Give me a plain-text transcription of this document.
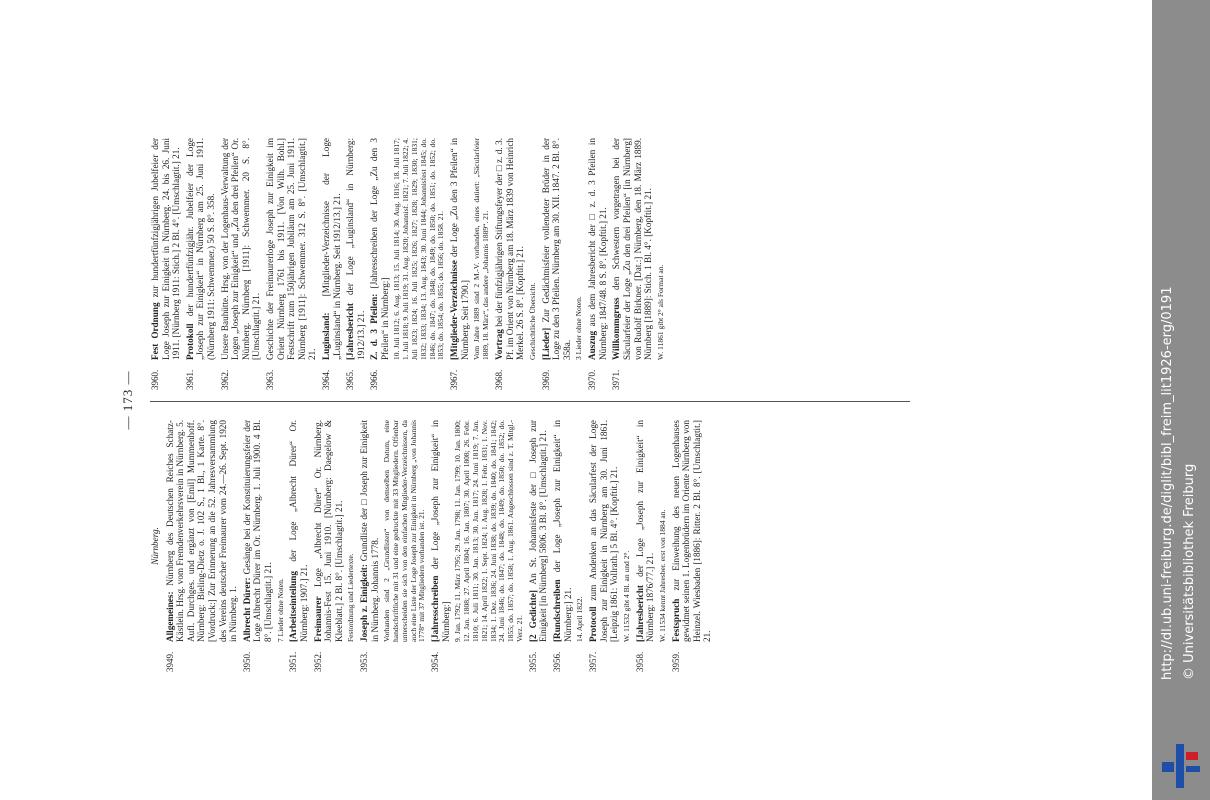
— 173 —
Nürnberg.
3949.
Allgemeines: Nürnberg des Deutschen Reiches Schatz-Kästlein. Hrsg. vom Fremdenverkehrsverein in Nürnberg. 5. Aufl. Durchges. und ergänzt von [Emil] Mummenhoff. Nürnberg: Bieling-Dietz o. J. 102 S., 1 Bl., 1 Karte. 8°. [Vordruck:] Zur Erinnerung an die 52. Jahresversammlung des Vereins deutscher Freimaurer vom 24.—26. Sept. 1920 in Nürnberg. 1.
3950.
Albrecht Dürer: Gesänge bei der Konstituierungsfeier der Loge Albrecht Dürer im Or. Nürnberg. 1. Juli 1900. 4 Bl. 8°. [Umschlagtit.] 21.
7 Lieder ohne Noten.
3951.
[Arbeitseinteilung der Loge „Albrecht Dürer“ Or. Nürnberg: 1907.] 21.
3952.
Freimaurer Loge „Albrecht Dürer“ Or. Nürnberg. Johannis-Fest 15. Juni 1910. [Nürnberg: Daegelow & Kleeblatt.] 2 Bl. 8°. [Umschlagtit.] 21.
Festordnung und Liedertexte.
3953.
Joseph z. Einigkeit: Grundliste der □ Joseph zur Einigkeit in Nürnberg. Johannis 1778. Vorhanden sind 2 „Grundlisten“ von demselben Datum, eine handschriftliche mit 31 und eine gedruckte mit 33 Mitgliedern. Offenbar unterscheiden sie sich von den einfachen Mitglieder-Verzeichnissen, da auch eine Liste der Loge Joseph zur Einigkeit in Nürnberg „von Johannis 1778“ mit 37 Mitgliedern vorhanden ist. 21.
3954.
[Jahresschreiben der Loge „Joseph zur Einigkeit“ in Nürnberg:] 9. Jan. 1792; 11. März 1795; 29. Jan. 1798; 11. Jan. 1799; 10. Jan. 1800; 12. Jan. 1808; 27. April 1804; 16. Jan. 1807; 30. April 1808; 26. Febr. 1810; 6. Juli 1811; 30. Jan. 1813; 30. Jan. 1817; 24. Juni 1819; 7. Jan. 1821; 14. April 1822; 1. Sept. 1824; 1. Aug. 1828; 1. Febr. 1831; 1. Nov. 1834; 1. Dez. 1836; 24. Juni 1838; do. 1839; do. 1840; do. 1841; 1842; 24. Juni 1846; do. 1847; do. 1848; do. 1849; do. 1850; do. 1852; do. 1855; do. 1857; do. 1858; 1. Aug. 1861. Angeschlossen sind z. T. Mitgl.-Verz. 21.
3955.
[2 Gedichte] An St. Johannisfeste der □ Joseph zur Einigkeit [in Nürnberg] 5806. 3 Bl. 8°. [Umschlagtit.] 21.
3956.
[Rundschreiben der Loge „Joseph zur Einigkeit“ in Nürnberg:] 21.
14. April 1822.
3957.
Protocoll zum Andenken an das Säcularfest der Loge Joseph zur Einigkeit in Nürnberg am 30. Juni 1861. [Leipzig 1861: Vollrath.] 5 Bl. 4°. [Kopftit.] 21.
W. 11532 gibt 4 Bl. an und 2°.
3958.
[Jahresbericht der Loge „Joseph zur Einigkeit“ in Nürnberg: 1876/77.] 21. W. 11534 kennt Jahresber. erst von 1884 an.
3959.
Festspruch zur Einweihung des neuen Logenhauses gewidmet seinen 1. Logenbrüdern im Oriente Nürnberg von Heinzel. Wiesbaden [1886]: Ritter. 2 Bl. 8°. [Umschlagtit.] 21.
3960.
Fest Ordnung zur hundertfünfzigjährigen Jubelfeier der Loge Joseph zur Einigkeit in Nürnberg. 24. bis 26. Juni 1911. [Nürnberg 1911: Stich.] 2 Bl. 4°. [Umschlagtit.] 21.
3961.
Protokoll der hundertfünfzigjähr. Jubelfeier der Loge „Joseph zur Einigkeit“ in Nürnberg am 25. Juni 1911. (Nürnberg 1911: Schwemmer.) 50 S. 8°. 358.
3962.
Unsere Bauhütte. Hrsg. von der Logenhaus-Verwaltung der Logen „Joseph zur Einigkeit“ und „Zu den drei Pfeilen“ Or. Nürnberg. Nürnberg [1911]: Schwemmer. 20 S. 8°. [Umschlagtit.] 21.
3963.
Geschichte der Freimaurerloge Joseph zur Einigkeit im Orient Nürnberg 1761 bis 1911. [Von Wilh. Bohl.] Festschrift zum 150jährigen Jubiläum am 25. Juni 1911. Nürnberg [1911]: Schwemmer. 312 S. 8°. [Umschlagtit.] 21.
3964.
Luginsland: [Mitglieder-Verzeichnisse der Loge „Luginsland“ in Nürnberg. Seit 1912/13.] 21.
3965.
[Jahresbericht der Loge „Luginsland“ in Nürnberg: 1912/13.] 21.
3966.
Z. d. 3 Pfeilen: [Jahresschreiben der Loge „Zu den 3 Pfeilen“ in Nürnberg:] 10. Juli 1812; 6. Aug. 1813; 15. Juli 1814; 30. Aug. 1816; 18. Juli 1817; 1. Juli 1818; 9. Juli 1819; 31. Aug. 1820; Johannisf. 1821; 7. Juli 1822; 4. Juli 1823; 1824; 16. Juli 1825; 1826; 1827; 1828; 1829; 1830; 1831; 1832; 1833; 1834; 13. Aug. 1843; 30. Juni 1844; Johannisfest 1845; do. 1846; do. 1847; do. 1848; do. 1849; do. 1850; do. 1851; do. 1852; do. 1853; do. 1854; do. 1855; do. 1856; do. 1858. 21.
3967.
[Mitglieder-Verzeichnisse der Loge „Zu den 3 Pfeilen“ in Nürnberg. Seit 1790.] Vom Jahre 1889 sind 2 M.-V. vorhanden, eines datiert: „Säcularfeier 1889, 18. März“, das andere „Johannis 1889“. 21.
3968.
Vortrag bei der fünfzigjährigen Stiftungsfeyer der □ z. d. 3. Pf. im Orient von Nürnberg am 18. März 1839 von Heinrich Merkel. 26 S. 8°. [Kopftit.] 21.
Geschichtliche Übersicht.
3969.
[Lieder] Zur Gedächtnisfeier vollendeter Brüder in der Loge zu den 3 Pfeilen. Nürnberg am 30. XII. 1847. 2 Bl. 8°. 358a. 3 Lieder ohne Noten.
3970.
Auszug aus dem Jahresbericht der □ z. d. 3 Pfeilen in Nürnberg: 1847/48. 8 S. 8°. [Kopftit.] 21.
3971.
Willkommgruss den Schwestern vorgetragen bei der Säcularfeier der Loge „Zu den drei Pfeilen“ [in Nürnberg] von Rudolf Birkner. [Dat.:] Nürnberg, den 18. März 1889. Nürnberg [1889]: Stich. 1 Bl. 4°. [Kopftit.] 21.
W. 11861 gibt 2° als Format an.	http://dl.ub.uni-freiburg.de/diglit/bibl_freim_lit1926-erg/0191 © Universitätsbibliothek Freiburg
